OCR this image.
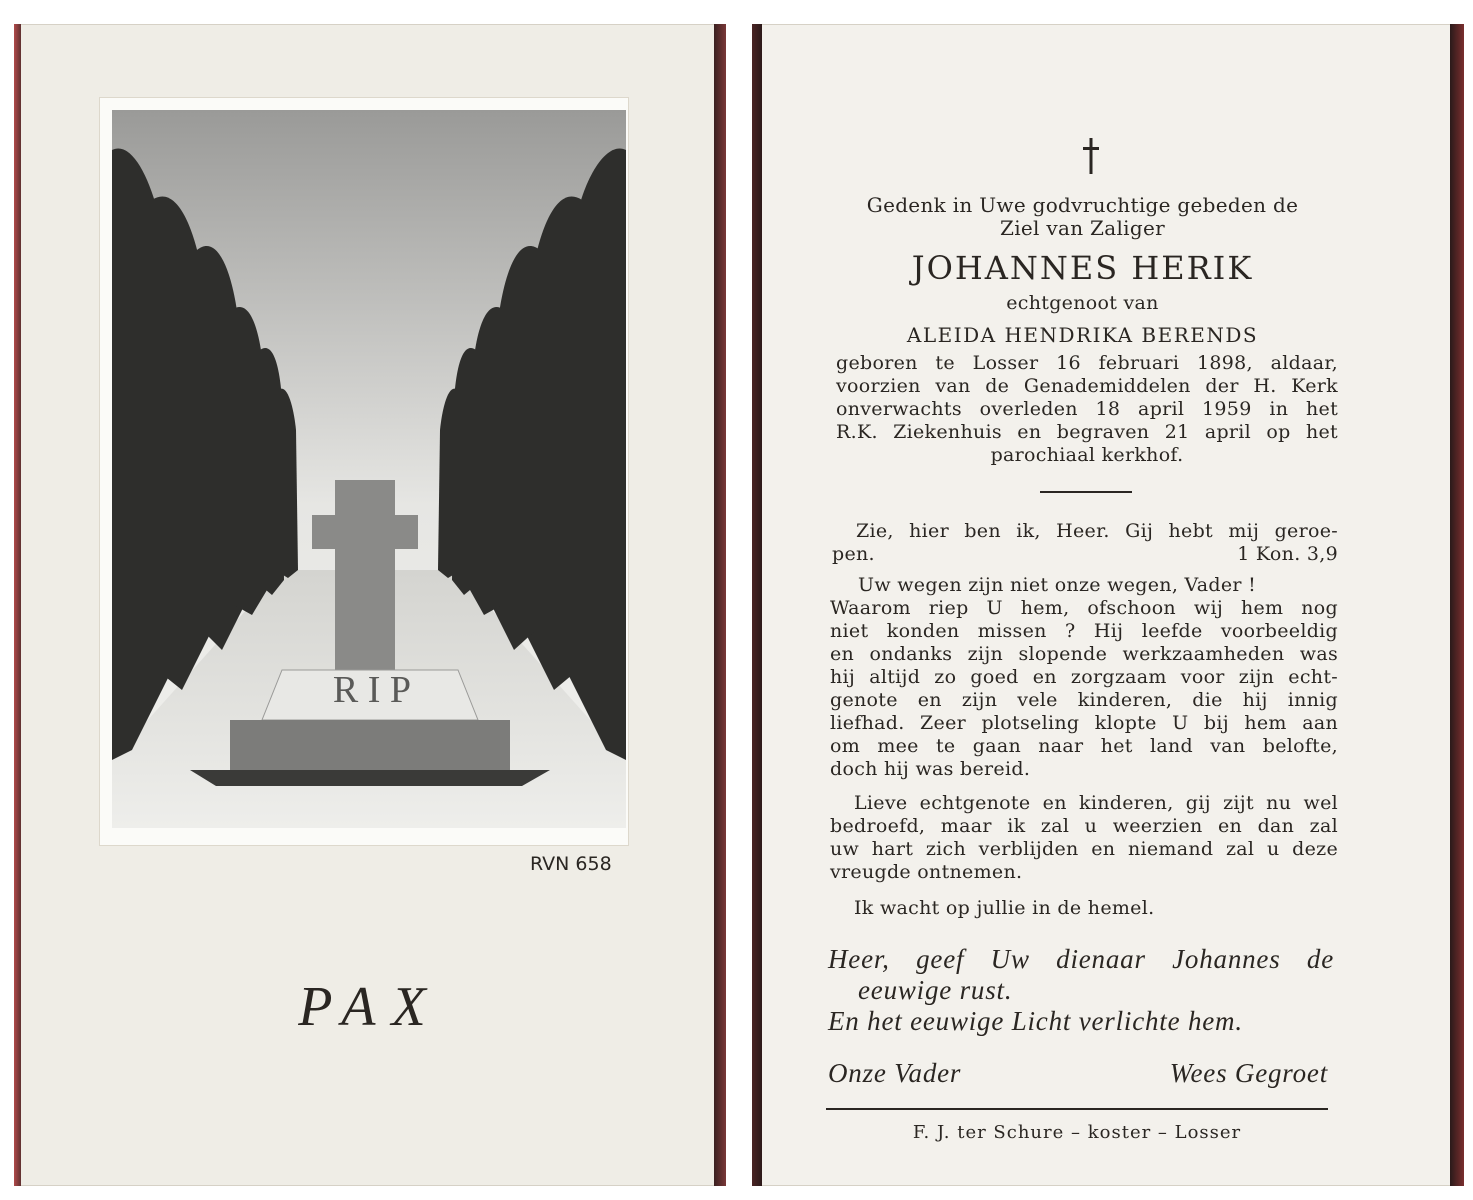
R I P
RVN 658
PAX

Gedenk in Uwe godvruchtige gebeden de

Ziel van Zaliger

JOHANNES HERIK

echtgenoot van

ALEIDA HENDRIKA BERENDS

geboren te Losser 16 februari 1898, aldaar,

voorzien van de Genademiddelen der H. Kerk

onverwachts overleden 18 april 1959 in het

R.K. Ziekenhuis en begraven 21 april op het

parochiaal kerkhof.

Zie, hier ben ik, Heer. Gij hebt mij geroe-

pen.	1 Kon. 3,9

Uw wegen zijn niet onze wegen, Vader !

Waarom riep U hem, ofschoon wij hem nog

niet konden missen ? Hij leefde voorbeeldig

en ondanks zijn slopende werkzaamheden was

hij altijd zo goed en zorgzaam voor zijn echt-

genote en zijn vele kinderen, die hij innig

liefhad. Zeer plotseling klopte U bij hem aan

om mee te gaan naar het land van belofte,

doch hij was bereid.

Lieve echtgenote en kinderen, gij zijt nu wel

bedroefd, maar ik zal u weerzien en dan zal

uw hart zich verblijden en niemand zal u deze

vreugde ontnemen.

Ik wacht op jullie in de hemel.

Heer, geef Uw dienaar Johannes de

eeuwige rust.

En het eeuwige Licht verlichte hem.

Onze Vader	Wees Gegroet
F. J. ter Schure – koster – Losser
